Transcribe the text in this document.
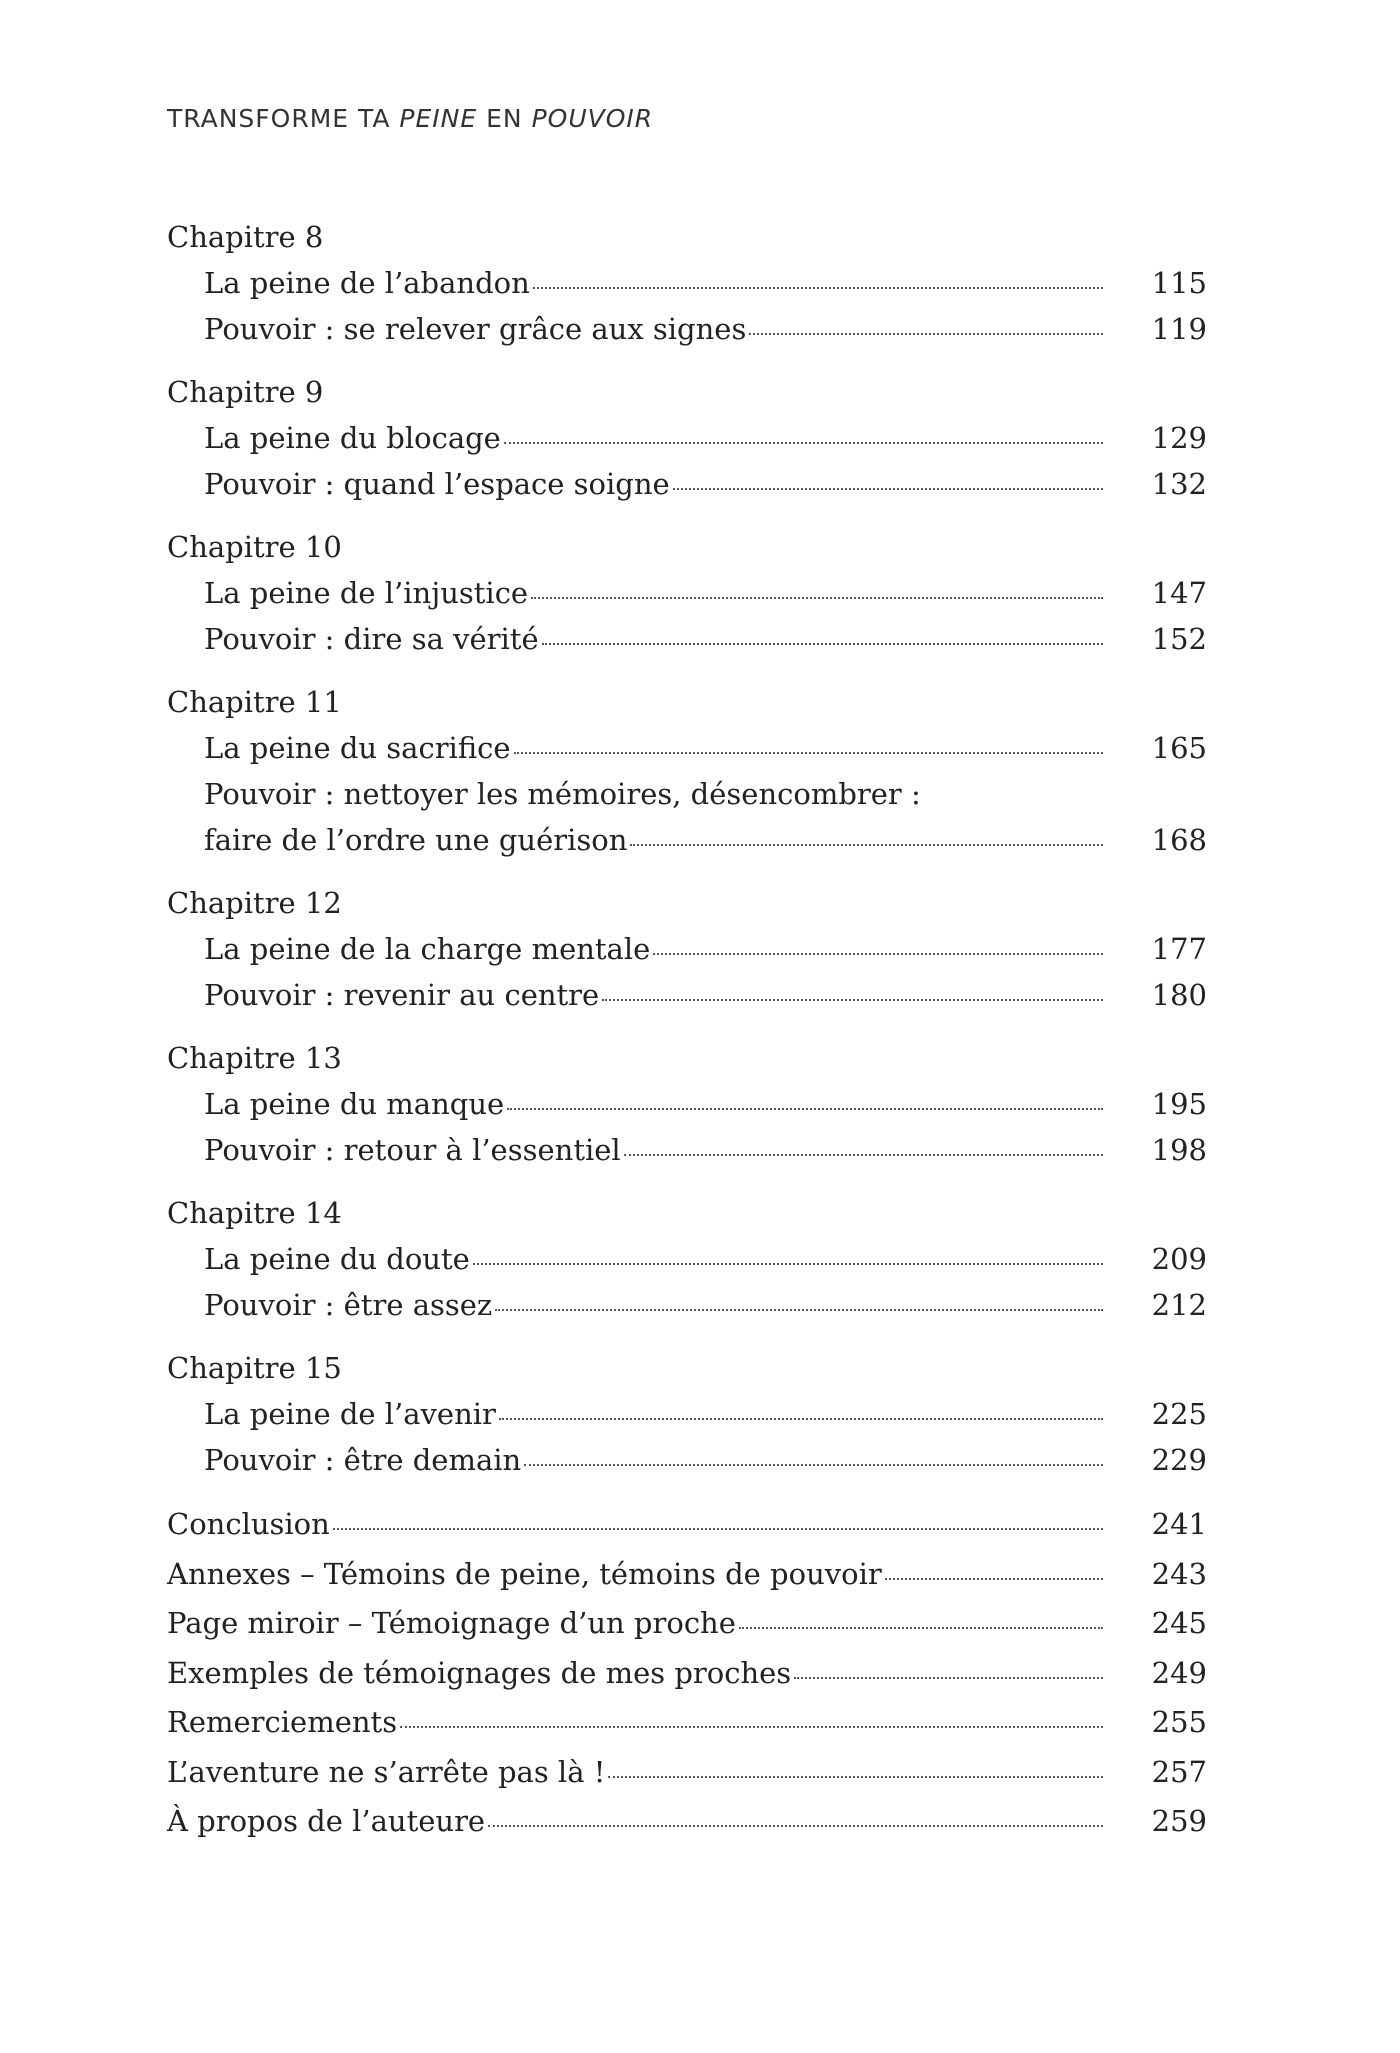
TRANSFORME TA PEINE EN POUVOIR
Chapitre 8
La peine de l’abandon	115
Pouvoir : se relever grâce aux signes	119
Chapitre 9
La peine du blocage	129
Pouvoir : quand l’espace soigne	132
Chapitre 10
La peine de l’injustice	147
Pouvoir : dire sa vérité	152
Chapitre 11
La peine du sacrifice	165
Pouvoir : nettoyer les mémoires, désencombrer :
faire de l’ordre une guérison	168
Chapitre 12
La peine de la charge mentale	177
Pouvoir : revenir au centre	180
Chapitre 13
La peine du manque	195
Pouvoir : retour à l’essentiel	198
Chapitre 14
La peine du doute	209
Pouvoir : être assez	212
Chapitre 15
La peine de l’avenir	225
Pouvoir : être demain	229
Conclusion	241
Annexes – Témoins de peine, témoins de pouvoir	243
Page miroir – Témoignage d’un proche	245
Exemples de témoignages de mes proches	249
Remerciements	255
L’aventure ne s’arrête pas là !	257
À propos de l’auteure	259
